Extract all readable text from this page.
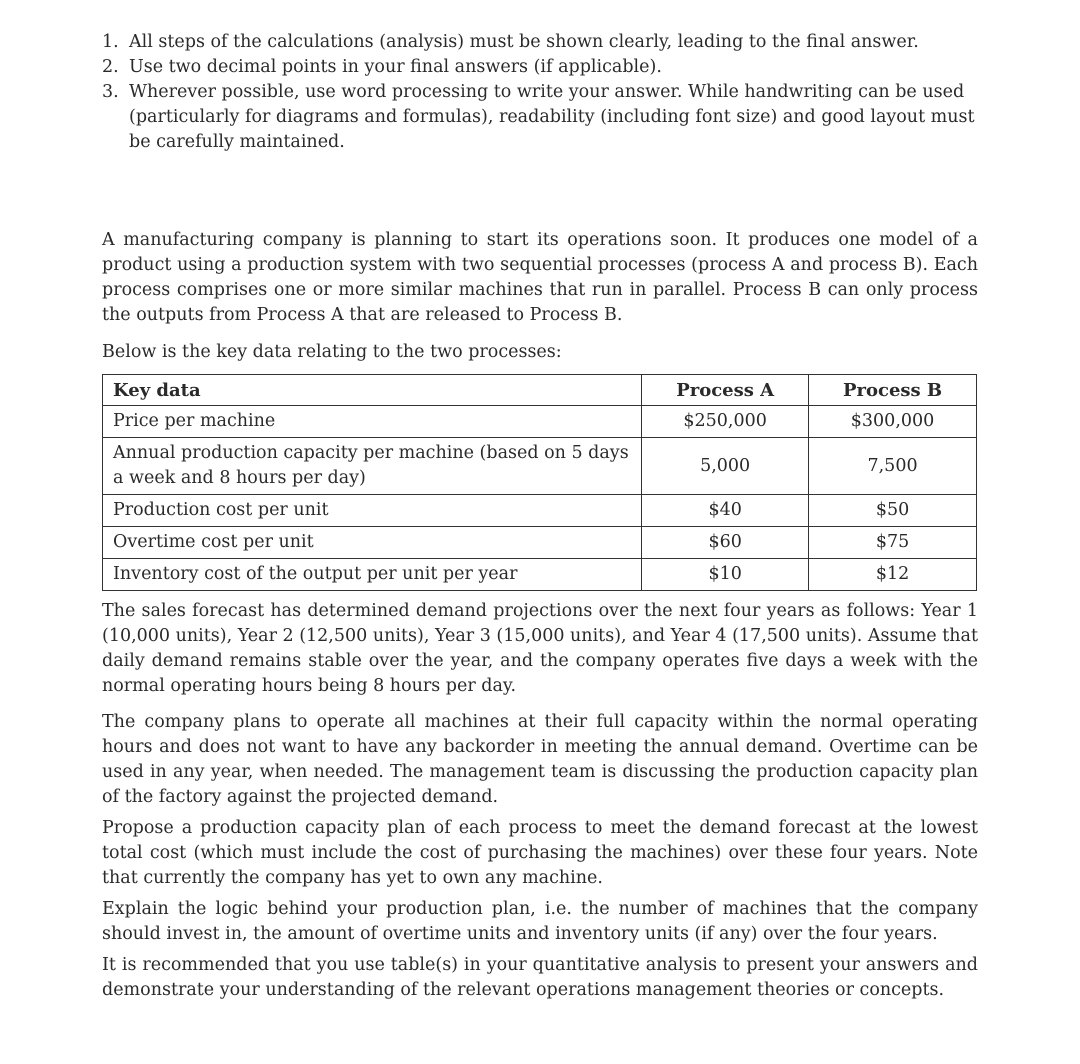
1. All steps of the calculations (analysis) must be shown clearly, leading to the final answer.
2. Use two decimal points in your final answers (if applicable).
3. Wherever possible, use word processing to write your answer. While handwriting can be used (particularly for diagrams and formulas), readability (including font size) and good layout must be carefully maintained.

A manufacturing company is planning to start its operations soon. It produces one model of a product using a production system with two sequential processes (process A and process B). Each process comprises one or more similar machines that run in parallel. Process B can only process the outputs from Process A that are released to Process B.

Below is the key data relating to the two processes:

Key data	Process A	Process B
Price per machine	$250,000	$300,000
Annual production capacity per machine (based on 5 days a week and 8 hours per day)	5,000	7,500
Production cost per unit	$40	$50
Overtime cost per unit	$60	$75
Inventory cost of the output per unit per year	$10	$12

The sales forecast has determined demand projections over the next four years as follows: Year 1 (10,000 units), Year 2 (12,500 units), Year 3 (15,000 units), and Year 4 (17,500 units). Assume that daily demand remains stable over the year, and the company operates five days a week with the normal operating hours being 8 hours per day.

The company plans to operate all machines at their full capacity within the normal operating hours and does not want to have any backorder in meeting the annual demand. Overtime can be used in any year, when needed. The management team is discussing the production capacity plan of the factory against the projected demand.

Propose a production capacity plan of each process to meet the demand forecast at the lowest total cost (which must include the cost of purchasing the machines) over these four years. Note that currently the company has yet to own any machine.

Explain the logic behind your production plan, i.e. the number of machines that the company should invest in, the amount of overtime units and inventory units (if any) over the four years.

It is recommended that you use table(s) in your quantitative analysis to present your answers and demonstrate your understanding of the relevant operations management theories or concepts.
